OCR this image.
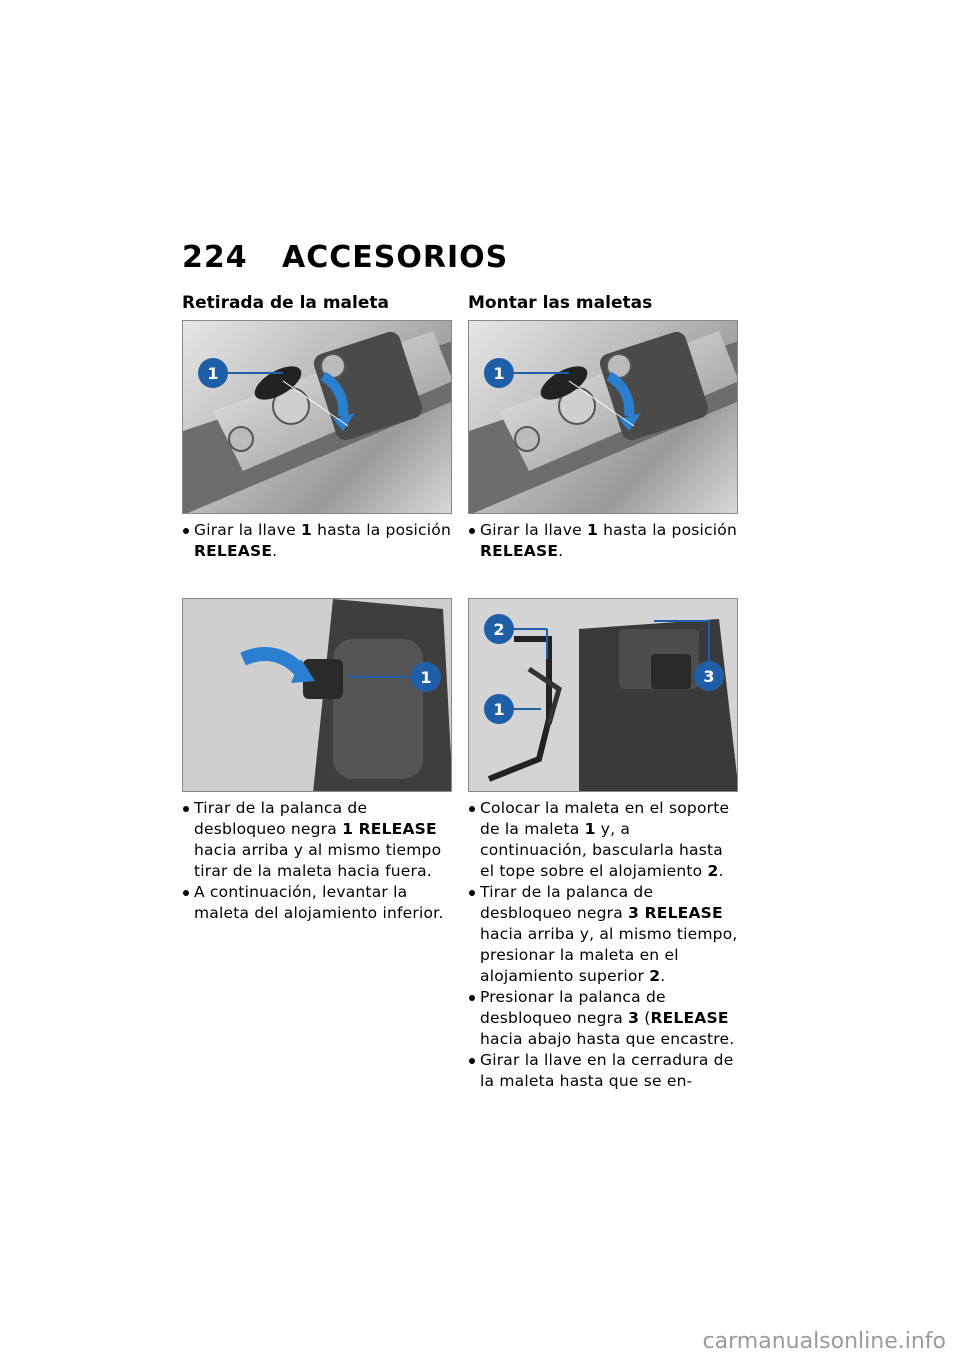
224 ACCESORIOS
Retirada de la maleta
1
Girar la llave 1 hasta la posición RELEASE.
1
Tirar de la palanca de desbloqueo negra 1 RELEASE hacia arriba y al mismo tiempo tirar de la maleta hacia fuera.
A continuación, levantar la maleta del alojamiento inferior.
Montar las maletas
1
Girar la llave 1 hasta la posición RELEASE.
2
1
3
Colocar la maleta en el soporte de la maleta 1 y, a continuación, bascularla hasta el tope sobre el alojamiento 2.
Tirar de la palanca de desbloqueo negra 3 RELEASE hacia arriba y, al mismo tiempo, presionar la maleta en el alojamiento superior 2.
Presionar la palanca de desbloqueo negra 3 (RELEASE hacia abajo hasta que encastre.
Girar la llave en la cerradura de la maleta hasta que se en-
carmanualsonline.info
